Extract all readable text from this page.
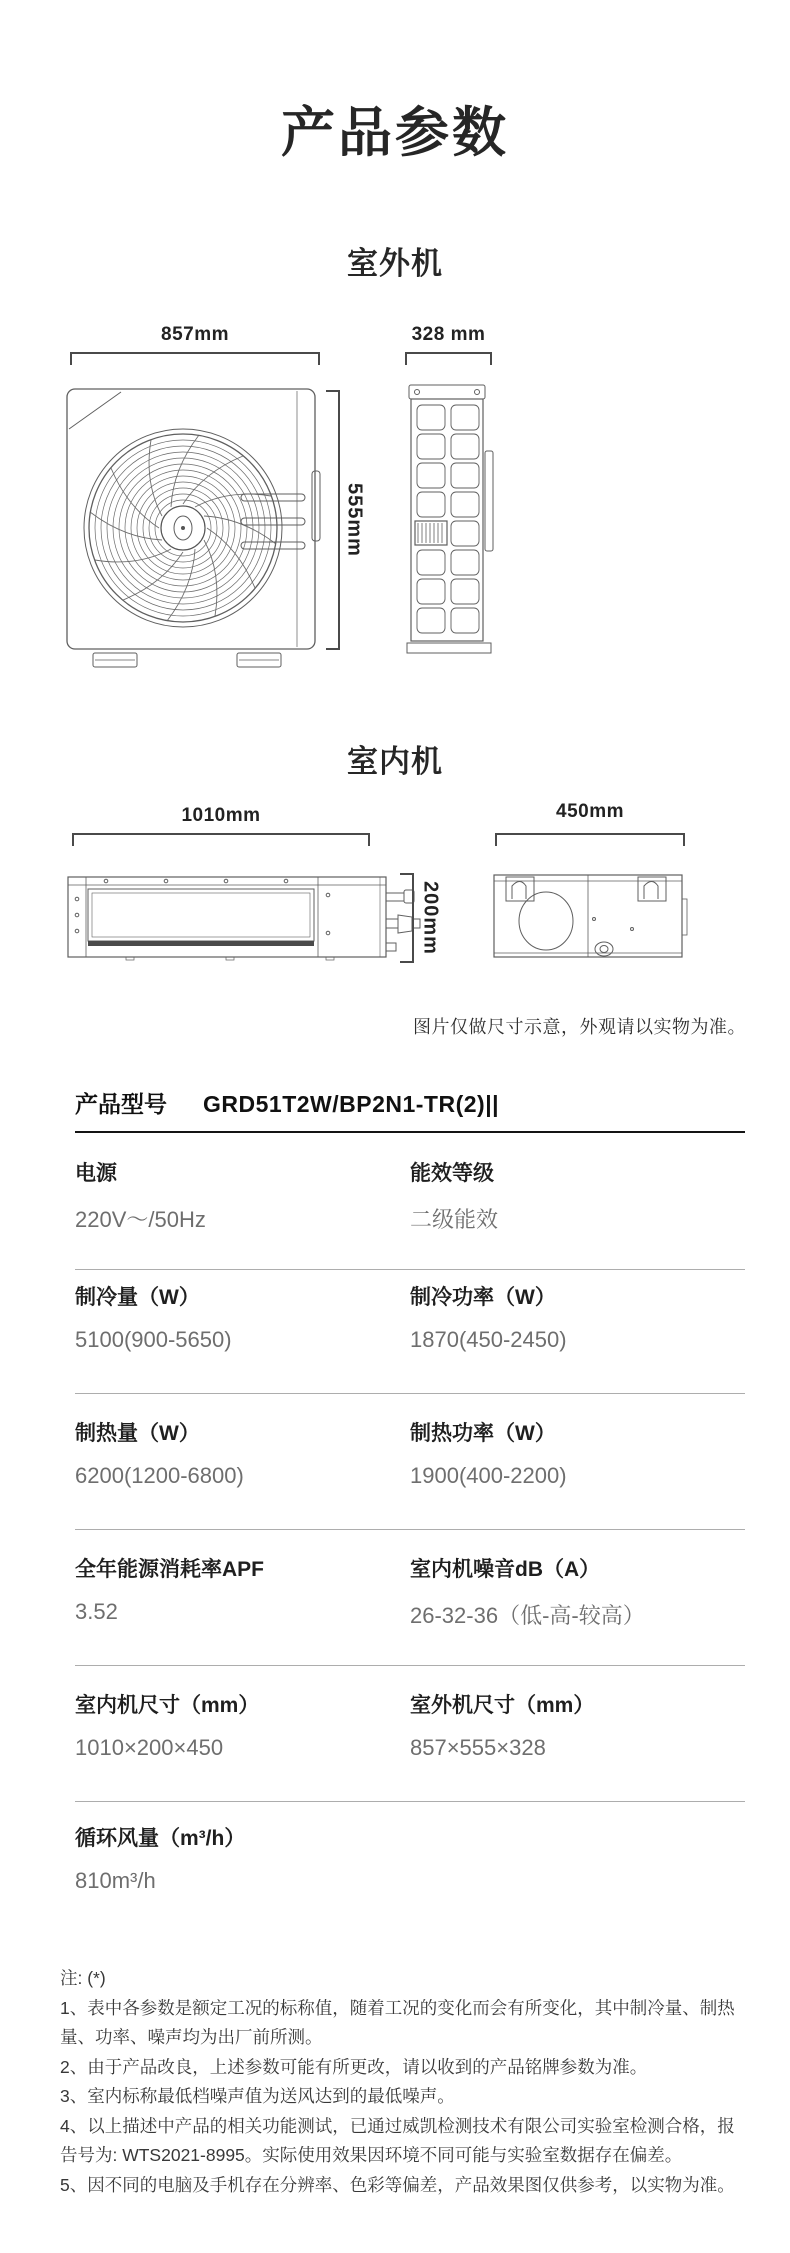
产品参数
室外机
857mm	328 mm
555mm
室内机
1010mm	450mm
200mm
图片仅做尺寸示意，外观请以实物为准。
产品型号 GRD51T2W/BP2N1-TR(2)||
电源
220V～/50Hz
能效等级
二级能效
制冷量（W）
5100(900-5650)
制冷功率（W）
1870(450-2450)
制热量（W）
6200(1200-6800)
制热功率（W）
1900(400-2200)
全年能源消耗率APF
3.52
室内机噪音dB（A）
26-32-36（低-高-较高）
室内机尺寸（mm）
1010×200×450
室外机尺寸（mm）
857×555×328
循环风量（m³/h）
810m³/h

注: (*)

1、表中各参数是额定工况的标称值，随着工况的变化而会有所变化，其中制冷量、制热量、功率、噪声均为出厂前所测。

2、由于产品改良，上述参数可能有所更改，请以收到的产品铭牌参数为准。

3、室内标称最低档噪声值为送风达到的最低噪声。

4、以上描述中产品的相关功能测试，已通过威凯检测技术有限公司实验室检测合格，报告号为: WTS2021-8995。实际使用效果因环境不同可能与实验室数据存在偏差。

5、因不同的电脑及手机存在分辨率、色彩等偏差，产品效果图仅供参考，以实物为准。
